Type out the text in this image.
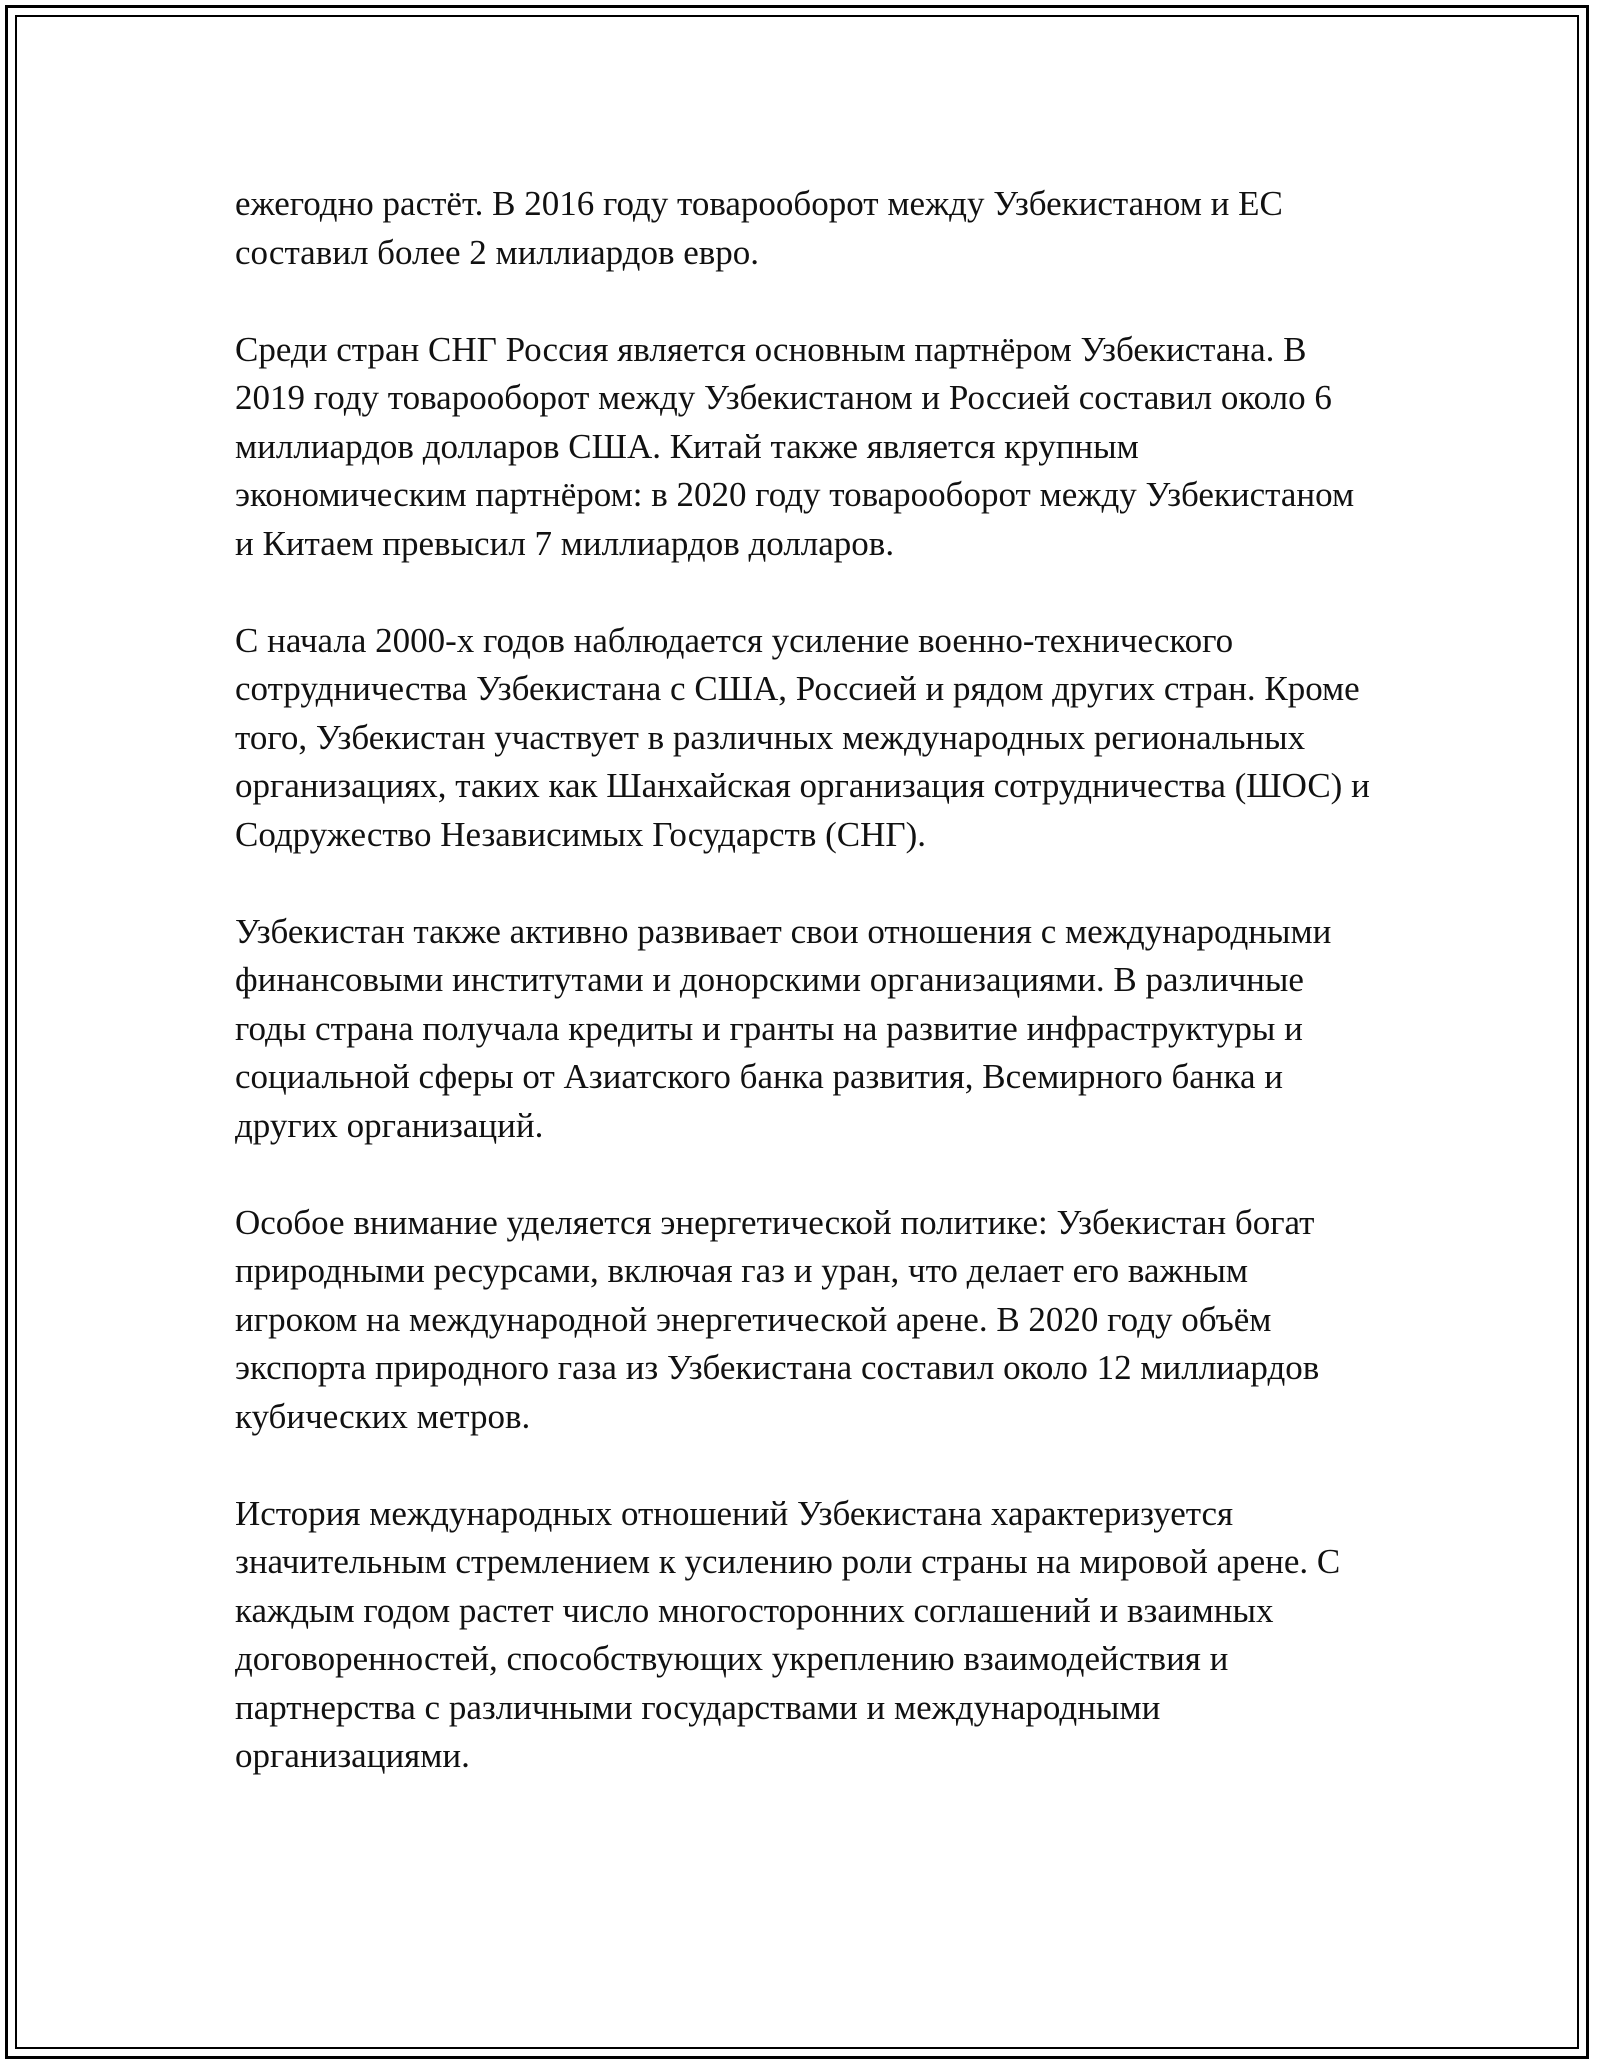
ежегодно растёт. В 2016 году товарооборот между Узбекистаном и ЕС составил более 2 миллиардов евро.

Среди стран СНГ Россия является основным партнёром Узбекистана. В 2019 году товарооборот между Узбекистаном и Россией составил около 6 миллиардов долларов США. Китай также является крупным экономическим партнёром: в 2020 году товарооборот между Узбекистаном и Китаем превысил 7 миллиардов долларов.

С начала 2000-х годов наблюдается усиление военно-технического сотрудничества Узбекистана с США, Россией и рядом других стран. Кроме того, Узбекистан участвует в различных международных региональных организациях, таких как Шанхайская организация сотрудничества (ШОС) и Содружество Независимых Государств (СНГ).

Узбекистан также активно развивает свои отношения с международными финансовыми институтами и донорскими организациями. В различные годы страна получала кредиты и гранты на развитие инфраструктуры и социальной сферы от Азиатского банка развития, Всемирного банка и других организаций.

Особое внимание уделяется энергетической политике: Узбекистан богат природными ресурсами, включая газ и уран, что делает его важным игроком на международной энергетической арене. В 2020 году объём экспорта природного газа из Узбекистана составил около 12 миллиардов кубических метров.

История международных отношений Узбекистана характеризуется значительным стремлением к усилению роли страны на мировой арене. С каждым годом растет число многосторонних соглашений и взаимных договоренностей, способствующих укреплению взаимодействия и партнерства с различными государствами и международными организациями.
